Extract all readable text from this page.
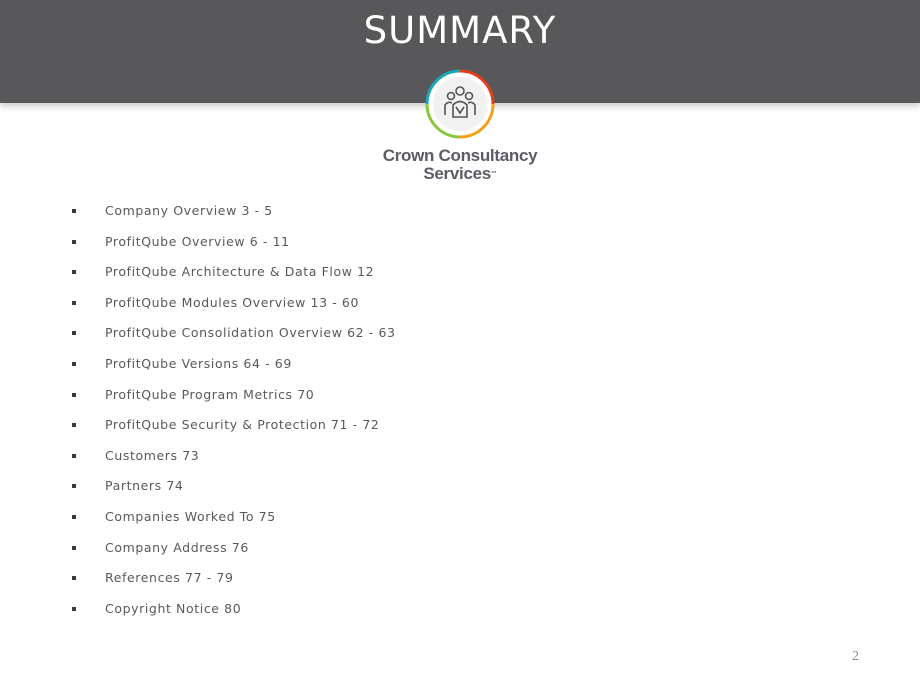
SUMMARY
Crown Consultancy
Services™
Company Overview 3 - 5
ProfitQube Overview 6 - 11
ProfitQube Architecture & Data Flow 12
ProfitQube Modules Overview 13 - 60
ProfitQube Consolidation Overview 62 - 63
ProfitQube Versions 64 - 69
ProfitQube Program Metrics 70
ProfitQube Security & Protection 71 - 72
Customers 73
Partners 74
Companies Worked To 75
Company Address 76
References 77 - 79
Copyright Notice 80
2
